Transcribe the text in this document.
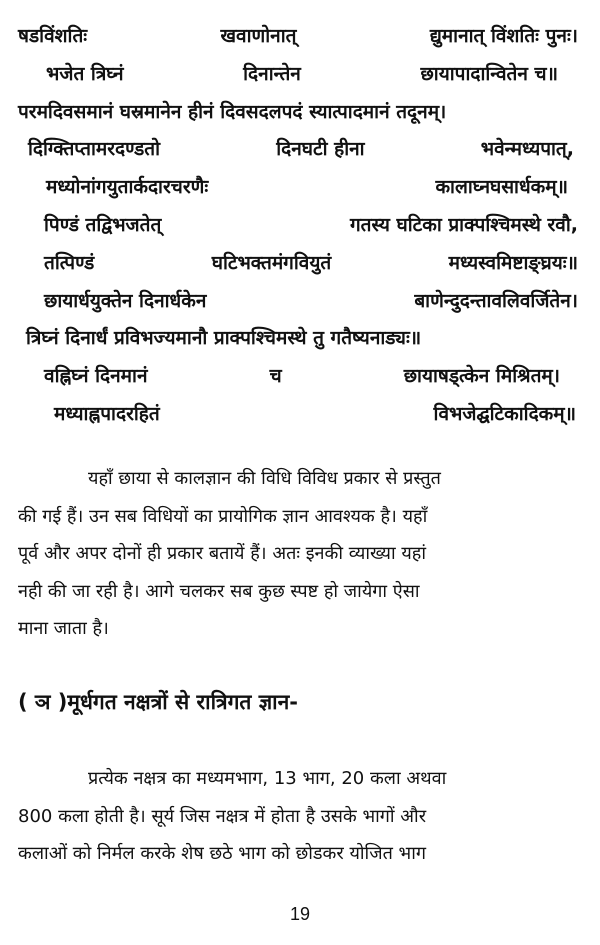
षडविंशतिः	खवाणोनात्	द्युमानात् विंशतिः पुनः।
भजेत त्रिघ्नं	दिनान्तेन	छायापादान्वितेन च॥
परमदिवसमानं घस्रमानेन हीनं दिवसदलपदं स्यात्पादमानं तदूनम्।
दिग्क्तिप्तामरदण्डतो	दिनघटी हीना	भवेन्मध्यपात्,
मध्योनांगयुतार्कदारचरणैः	कालाघ्नघसार्धकम्॥
पिण्डं तद्विभजतेत्	गतस्य घटिका प्राक्पश्चिमस्थे रवौ,
तत्पिण्डं	घटिभक्तमंगवियुतं	मध्यस्वमिष्टाङ्घ्रयः॥
छायार्धयुक्तेन दिनार्धकेन	बाणेन्दुदन्तावलिवर्जितेन।
त्रिघ्नं दिनार्धं प्रविभज्यमानौ प्राक्पश्चिमस्थे तु गतैष्यनाड्यः॥
वह्निघ्नं दिनमानं	च	छायाषड्त्केन मिश्रितम्।
मध्याह्नपादरहितं	विभजेद्घटिकादिकम्॥
यहाँ छाया से कालज्ञान की विधि विविध प्रकार से प्रस्तुत
की गई हैं। उन सब विधियों का प्रायोगिक ज्ञान आवश्यक है। यहाँ
पूर्व और अपर दोनों ही प्रकार बतायें हैं। अतः इनकी व्याख्या यहां
नही की जा रही है। आगे चलकर सब कुछ स्पष्ट हो जायेगा ऐसा
माना जाता है।
( ञ )मूर्धगत नक्षत्रों से रात्रिगत ज्ञान-
प्रत्येक नक्षत्र का मध्यमभाग, 13 भाग, 20 कला अथवा
800 कला होती है। सूर्य जिस नक्षत्र में होता है उसके भागों और
कलाओं को निर्मल करके शेष छठे भाग को छोडकर योजित भाग
19
